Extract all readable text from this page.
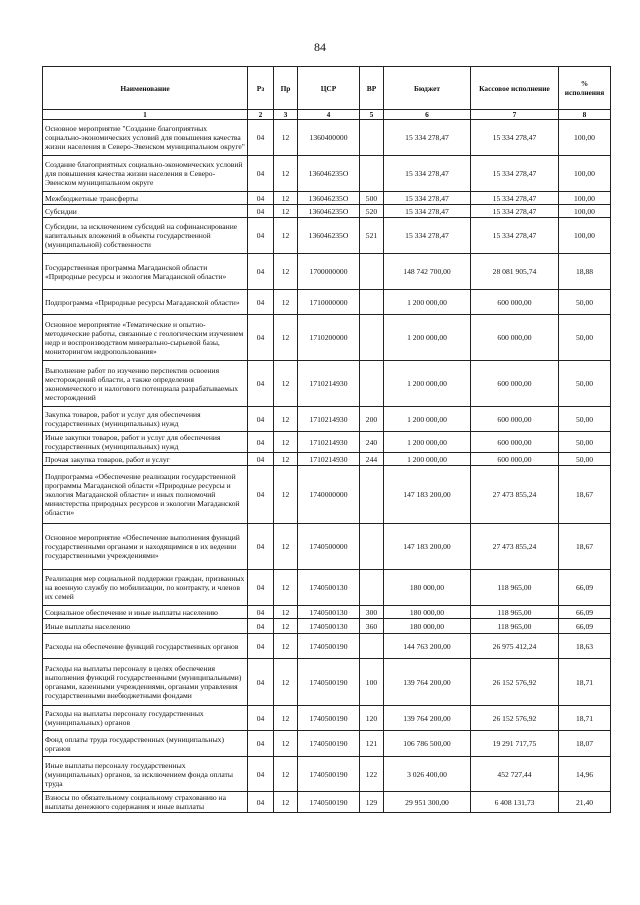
84
Наименование	Рз	Пр	ЦСР	ВР	Бюджет	Кассовое исполнение	% исполнения
1	2	3	4	5	6	7	8
Основное мероприятие "Создание благоприятных социально-экономических условий для повышения качества жизни населения в Северо-Эвенском муниципальном округе"	04	12	1360400000		15 334 278,47	15 334 278,47	100,00
Создание благоприятных социально-экономических условий для повышения качества жизни населения в Северо-Эвенском муниципальном округе	04	12	136046235О		15 334 278,47	15 334 278,47	100,00
Межбюджетные трансферты	04	12	136046235О	500	15 334 278,47	15 334 278,47	100,00
Субсидии	04	12	136046235О	520	15 334 278,47	15 334 278,47	100,00
Субсидии, за исключением субсидий на софинансирование капитальных вложений в объекты государственной (муниципальной) собственности	04	12	136046235О	521	15 334 278,47	15 334 278,47	100,00
Государственная программа Магаданской области «Природные ресурсы и экология Магаданской области»	04	12	1700000000		148 742 700,00	28 081 905,74	18,88
Подпрограмма «Природные ресурсы Магаданской области»	04	12	1710000000		1 200 000,00	600 000,00	50,00
Основное мероприятие «Тематические и опытно-методические работы, связанные с геологическим изучением недр и воспроизводством минерально-сырьевой базы, мониторингом недропользования»	04	12	1710200000		1 200 000,00	600 000,00	50,00
Выполнение работ по изучению перспектив освоения месторождений области, а также определения экономического и налогового потенциала разрабатываемых месторождений	04	12	1710214930		1 200 000,00	600 000,00	50,00
Закупка товаров, работ и услуг для обеспечения государственных (муниципальных) нужд	04	12	1710214930	200	1 200 000,00	600 000,00	50,00
Иные закупки товаров, работ и услуг для обеспечения государственных (муниципальных) нужд	04	12	1710214930	240	1 200 000,00	600 000,00	50,00
Прочая закупка товаров, работ и услуг	04	12	1710214930	244	1 200 000,00	600 000,00	50,00
Подпрограмма «Обеспечение реализации государственной программы Магаданской области «Природные ресурсы и экология Магаданской области» и иных полномочий министерства природных ресурсов и экологии Магаданской области»	04	12	1740000000		147 183 200,00	27 473 855,24	18,67
Основное мероприятие «Обеспечение выполнения функций государственными органами и находящимися в их ведении государственными учреждениями»	04	12	1740500000		147 183 200,00	27 473 855,24	18,67
Реализация мер социальной поддержки граждан, призванных на военную службу по мобилизации, по контракту, и членов их семей	04	12	1740500130		180 000,00	118 965,00	66,09
Социальное обеспечение и иные выплаты населению	04	12	1740500130	300	180 000,00	118 965,00	66,09
Иные выплаты населению	04	12	1740500130	360	180 000,00	118 965,00	66,09
Расходы на обеспечение функций государственных органов	04	12	1740500190		144 763 200,00	26 975 412,24	18,63
Расходы на выплаты персоналу в целях обеспечения выполнения функций государственными (муниципальными) органами, казенными учреждениями, органами управления государственными внебюджетными фондами	04	12	1740500190	100	139 764 200,00	26 152 576,92	18,71
Расходы на выплаты персоналу государственных (муниципальных) органов	04	12	1740500190	120	139 764 200,00	26 152 576,92	18,71
Фонд оплаты труда государственных (муниципальных) органов	04	12	1740500190	121	106 786 500,00	19 291 717,75	18,07
Иные выплаты персоналу государственных (муниципальных) органов, за исключением фонда оплаты труда	04	12	1740500190	122	3 026 400,00	452 727,44	14,96
Взносы по обязательному социальному страхованию на выплаты денежного содержания и иные выплаты	04	12	1740500190	129	29 951 300,00	6 408 131,73	21,40
